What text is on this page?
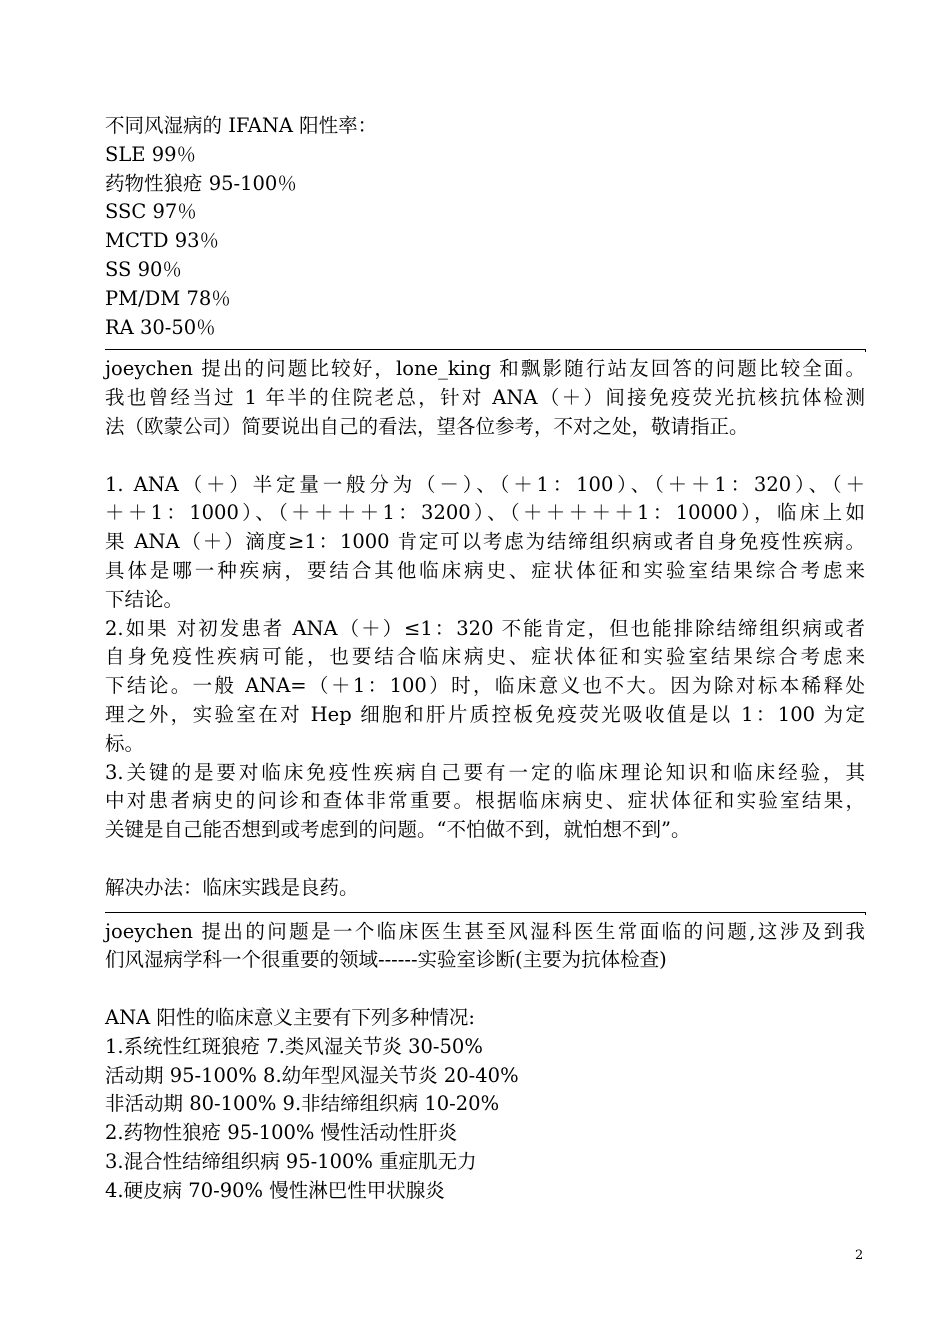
不同风湿病的 IFANA 阳性率：
SLE 99％
药物性狼疮 95-100％
SSC 97％
MCTD 93％
SS 90％
PM/DM 78％
RA 30-50％
joeychen 提出的问题比较好，lone_king 和飘影随行站友回答的问题比较全面。
我也曾经当过 1 年半的住院老总，针对 ANA（＋）间接免疫荧光抗核抗体检测
法（欧蒙公司）简要说出自己的看法，望各位参考，不对之处，敬请指正。
1. ANA（＋）半定量一般分为（－）、（＋1：100）、（＋＋1：320）、（＋
＋＋1：1000）、（＋＋＋＋1：3200）、（＋＋＋＋＋1：10000），临床上如
果 ANA（＋）滴度≥1：1000 肯定可以考虑为结缔组织病或者自身免疫性疾病。
具体是哪一种疾病，要结合其他临床病史、症状体征和实验室结果综合考虑来
下结论。
2.如果 对初发患者 ANA（＋）≤1：320 不能肯定，但也能排除结缔组织病或者
自身免疫性疾病可能，也要结合临床病史、症状体征和实验室结果综合考虑来
下结论。一般 ANA=（＋1：100）时，临床意义也不大。因为除对标本稀释处
理之外，实验室在对 Hep 细胞和肝片质控板免疫荧光吸收值是以 1：100 为定
标。
3.关键的是要对临床免疫性疾病自己要有一定的临床理论知识和临床经验，其
中对患者病史的问诊和查体非常重要。根据临床病史、症状体征和实验室结果，
关键是自己能否想到或考虑到的问题。“不怕做不到，就怕想不到”。
解决办法：临床实践是良药。
joeychen 提出的问题是一个临床医生甚至风湿科医生常面临的问题,这涉及到我
们风湿病学科一个很重要的领域------实验室诊断(主要为抗体检查)
ANA 阳性的临床意义主要有下列多种情况:
1.系统性红斑狼疮 7.类风湿关节炎 30-50%
活动期 95-100% 8.幼年型风湿关节炎 20-40%
非活动期 80-100% 9.非结缔组织病 10-20%
2.药物性狼疮 95-100% 慢性活动性肝炎
3.混合性结缔组织病 95-100% 重症肌无力
4.硬皮病 70-90% 慢性淋巴性甲状腺炎
2
